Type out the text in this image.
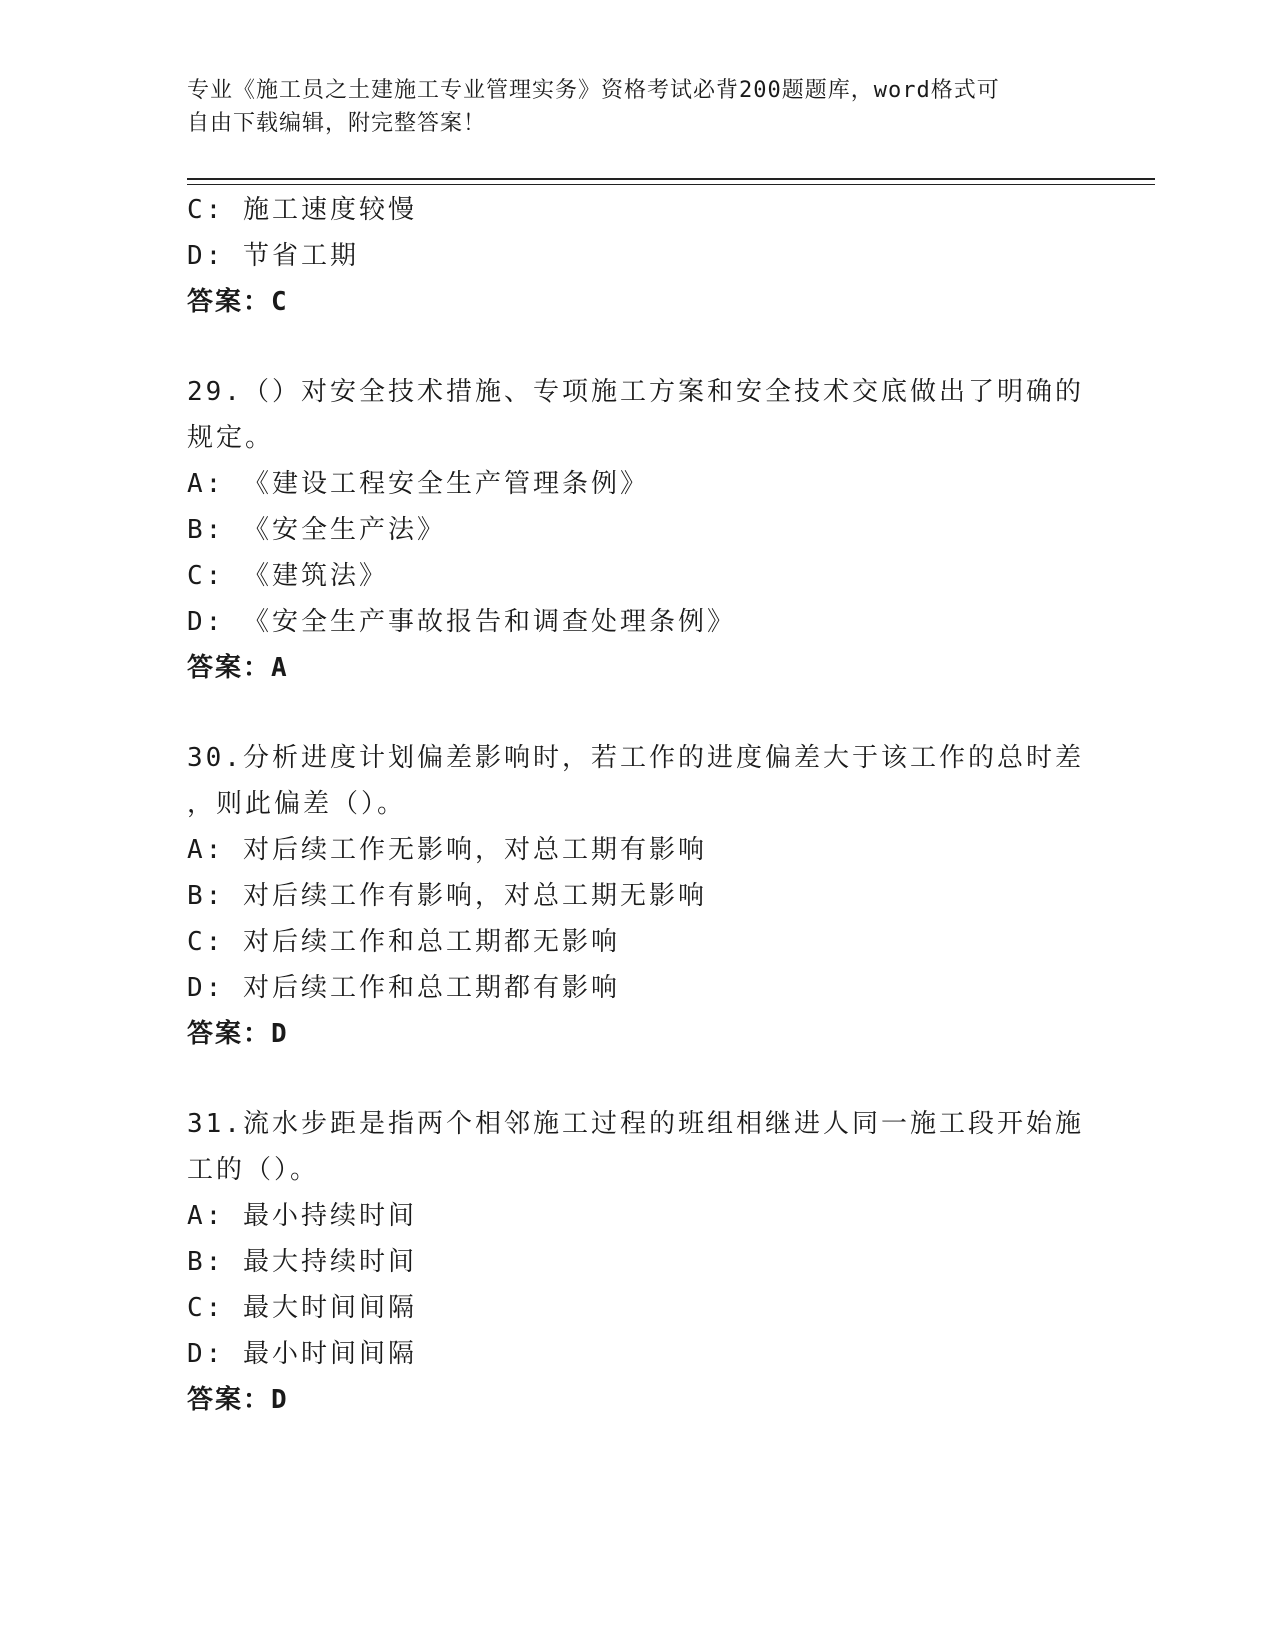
专业《施工员之土建施工专业管理实务》资格考试必背200题题库，word格式可
自由下载编辑，附完整答案！
C: 施工速度较慢
D: 节省工期
答案：C
29.（）对安全技术措施、专项施工方案和安全技术交底做出了明确的
规定。
A: 《建设工程安全生产管理条例》
B: 《安全生产法》
C: 《建筑法》
D: 《安全生产事故报告和调查处理条例》
答案：A
30.分析进度计划偏差影响时，若工作的进度偏差大于该工作的总时差
，则此偏差（）。
A: 对后续工作无影响，对总工期有影响
B: 对后续工作有影响，对总工期无影响
C: 对后续工作和总工期都无影响
D: 对后续工作和总工期都有影响
答案：D
31.流水步距是指两个相邻施工过程的班组相继进人同一施工段开始施
工的（）。
A: 最小持续时间
B: 最大持续时间
C: 最大时间间隔
D: 最小时间间隔
答案：D
